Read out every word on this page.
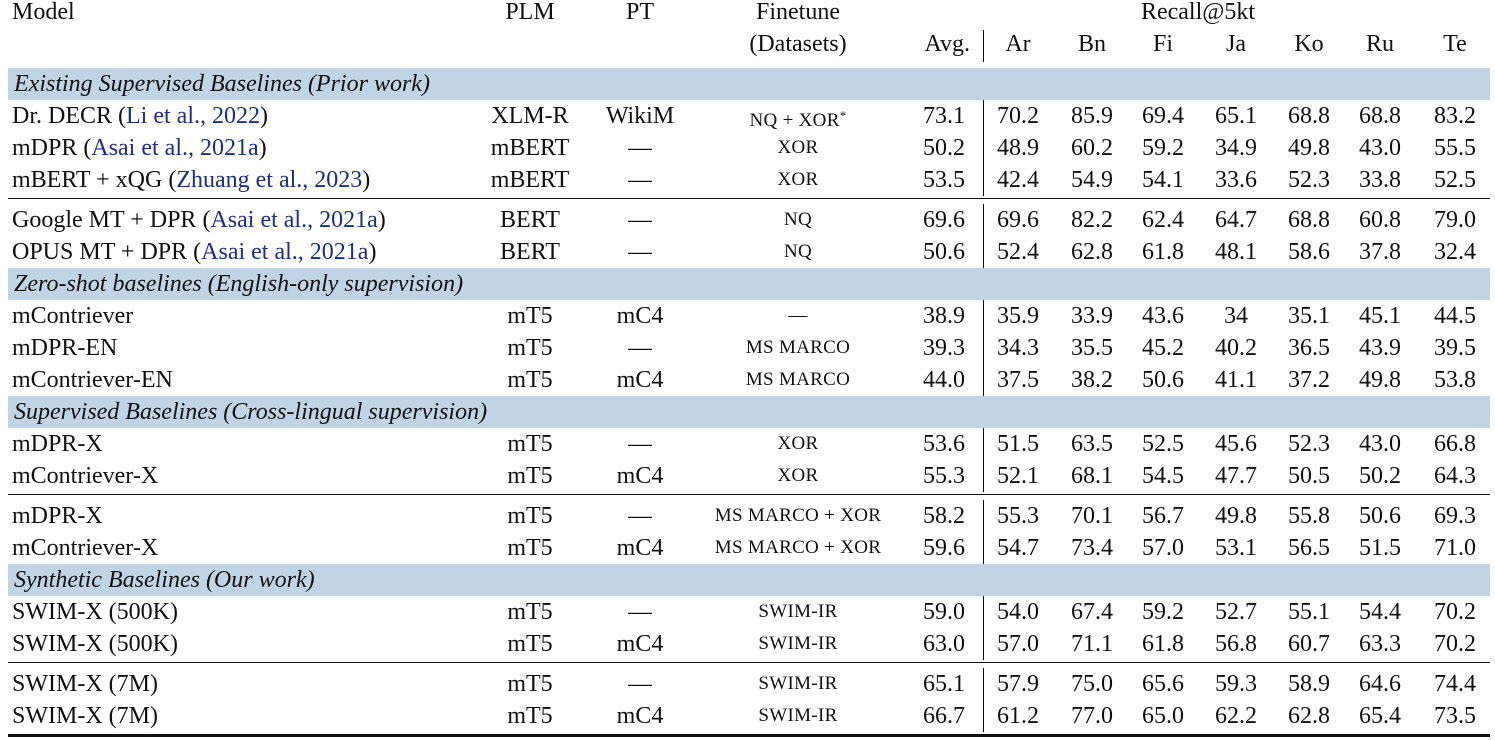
Model	PLM	PT	Finetune
(Datasets)
Recall@5kt
Avg. Ar Bn Fi Ja Ko Ru Te
Existing Supervised Baselines (Prior work)
Dr. DECR (Li et al., 2022)	XLM-R WikiM	NQ + XOR*	73.1 70.2 85.9 69.4 65.1 68.8 68.8 83.2
mDPR (Asai et al., 2021a)	mBERT —	XOR	50.2 48.9 60.2 59.2 34.9 49.8 43.0 55.5
mBERT + xQG (Zhuang et al., 2023)	mBERT —	XOR	53.5 42.4 54.9 54.1 33.6 52.3 33.8 52.5
Google MT + DPR (Asai et al., 2021a)	BERT	—	NQ	69.6 69.6 82.2 62.4 64.7 68.8 60.8 79.0
OPUS MT + DPR (Asai et al., 2021a)	BERT	—	NQ	50.6 52.4 62.8 61.8 48.1 58.6 37.8 32.4
Zero-shot baselines (English-only supervision)
mContriever	mT5	mC4	—	38.9 35.9 33.9 43.6 34 35.1 45.1 44.5
mDPR-EN	mT5	—	MS MARCO	39.3 34.3 35.5 45.2 40.2 36.5 43.9 39.5
mContriever-EN	mT5	mC4	MS MARCO	44.0 37.5 38.2 50.6 41.1 37.2 49.8 53.8
Supervised Baselines (Cross-lingual supervision)
mDPR-X	mT5	—	XOR	53.6 51.5 63.5 52.5 45.6 52.3 43.0 66.8
mContriever-X	mT5	mC4	XOR	55.3 52.1 68.1 54.5 47.7 50.5 50.2 64.3
mDPR-X	mT5	—	MS MARCO + XOR 58.2 55.3 70.1 56.7 49.8 55.8 50.6 69.3
mContriever-X	mT5	mC4	MS MARCO + XOR 59.6 54.7 73.4 57.0 53.1 56.5 51.5 71.0
Synthetic Baselines (Our work)
SWIM-X (500K)	mT5	—	SWIM-IR	59.0 54.0 67.4 59.2 52.7 55.1 54.4 70.2
SWIM-X (500K)	mT5	mC4	SWIM-IR	63.0 57.0 71.1 61.8 56.8 60.7 63.3 70.2
SWIM-X (7M)	mT5	—	SWIM-IR	65.1 57.9 75.0 65.6 59.3 58.9 64.6 74.4
SWIM-X (7M)	mT5	mC4	SWIM-IR	66.7 61.2 77.0 65.0 62.2 62.8 65.4 73.5
